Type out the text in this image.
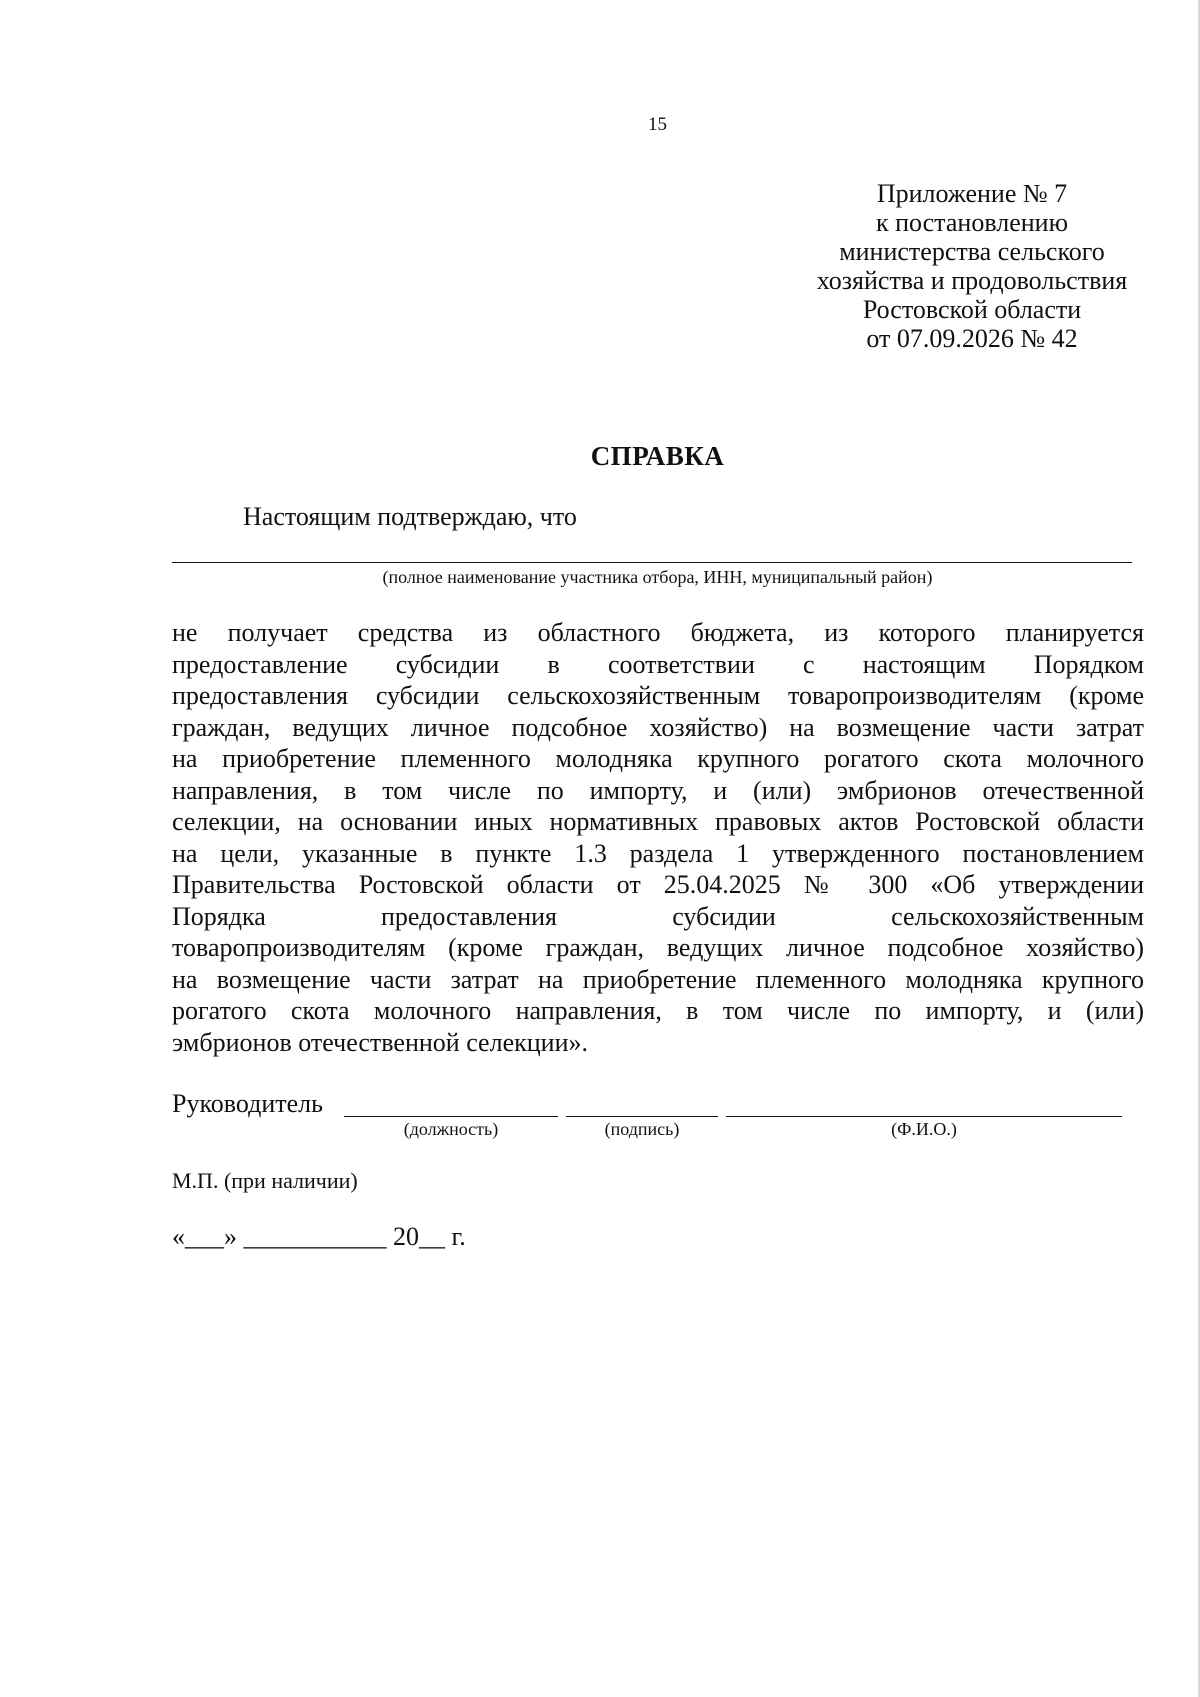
15
Приложение № 7
к постановлению
министерства сельского
хозяйства и продовольствия
Ростовской области
от 07.09.2026 № 42
СПРАВКА
Настоящим подтверждаю, что
(полное наименование участника отбора, ИНН, муниципальный район)
не получает средства из областного бюджета, из которого планируется
предоставление субсидии в соответствии с настоящим Порядком
предоставления субсидии сельскохозяйственным товаропроизводителям (кроме
граждан, ведущих личное подсобное хозяйство) на возмещение части затрат
на приобретение племенного молодняка крупного рогатого скота молочного
направления, в том числе по импорту, и (или) эмбрионов отечественной
селекции, на основании иных нормативных правовых актов Ростовской области
на цели, указанные в пункте 1.3 раздела 1 утвержденного постановлением
Правительства Ростовской области от 25.04.2025 № 300 «Об утверждении
Порядка предоставления субсидии сельскохозяйственным
товаропроизводителям (кроме граждан, ведущих личное подсобное хозяйство)
на возмещение части затрат на приобретение племенного молодняка крупного
рогатого скота молочного направления, в том числе по импорту, и (или)
эмбрионов отечественной селекции».
Руководитель
(должность)	(подпись)	(Ф.И.О.)
М.П. (при наличии)
«___» ___________ 20__ г.
